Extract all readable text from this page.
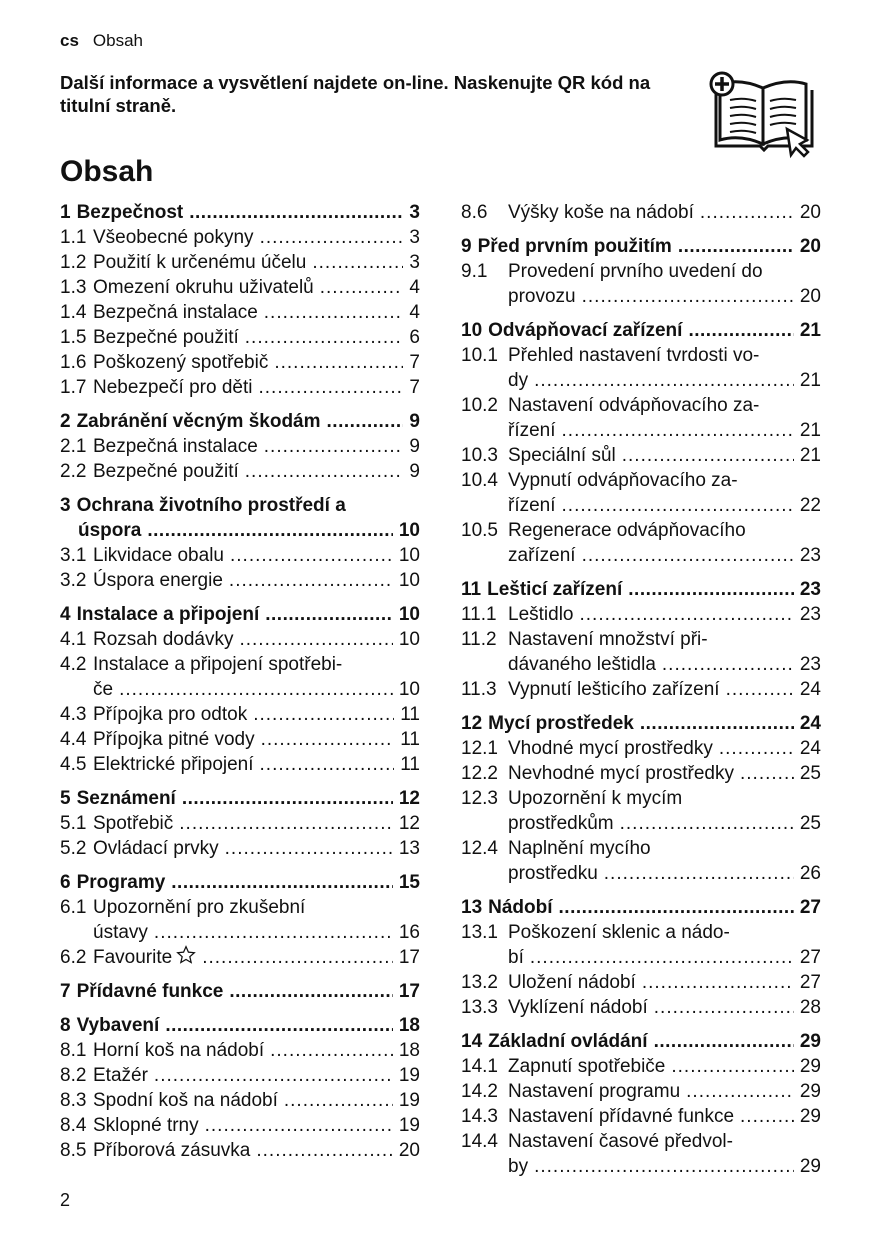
cs Obsah
Další informace a vysvětlení najdete on-line. Naskenujte QR kód na titulní straně.
Obsah
1 Bezpečnost .....	3
1.1 Všeobecné pokyny .....	3
1.2 Použití k určenému účelu .....	3
1.3 Omezení okruhu uživatelů .....	4
1.4 Bezpečná instalace .....	4
1.5 Bezpečné použití .....	6
1.6 Poškozený spotřebič .....	7
1.7 Nebezpečí pro děti .....	7
2 Zabránění věcným škodám .....	9
2.1 Bezpečná instalace .....	9
2.2 Bezpečné použití .....	9
3 Ochrana životního prostředí a
úspora .....	10
3.1 Likvidace obalu .....	10
3.2 Úspora energie .....	10
4 Instalace a připojení .....	10
4.1 Rozsah dodávky .....	10
4.2 Instalace a připojení spotřebi-
če .....	10
4.3 Přípojka pro odtok .....	11
4.4 Přípojka pitné vody .....	11
4.5 Elektrické připojení .....	11
5 Seznámení .....	12
5.1 Spotřebič .....	12
5.2 Ovládací prvky .....	13
6 Programy .....	15
6.1 Upozornění pro zkušební
ústavy .....	16
6.2 Favourite .....	17
7 Přídavné funkce .....	17
8 Vybavení .....	18
8.1 Horní koš na nádobí .....	18
8.2 Etažér .....	19
8.3 Spodní koš na nádobí .....	19
8.4 Sklopné trny .....	19
8.5 Příborová zásuvka .....	20
8.6	Výšky koše na nádobí .....	20
9 Před prvním použitím .....	20
9.1	Provedení prvního uvedení do
provozu .....	20
10 Odvápňovací zařízení .....	21
10.1 Přehled nastavení tvrdosti vo-
dy .....	21
10.2 Nastavení odvápňovacího za-
řízení .....	21
10.3 Speciální sůl .....	21
10.4 Vypnutí odvápňovacího za-
řízení .....	22
10.5 Regenerace odvápňovacího
zařízení .....	23
11 Lešticí zařízení .....	23
11.1 Leštidlo .....	23
11.2 Nastavení množství při-
dávaného leštidla .....	23
11.3 Vypnutí lešticího zařízení .....	24
12 Mycí prostředek .....	24
12.1 Vhodné mycí prostředky .....	24
12.2 Nevhodné mycí prostředky .....	25
12.3 Upozornění k mycím
prostředkům .....	25
12.4 Naplnění mycího
prostředku .....	26
13 Nádobí .....	27
13.1 Poškození sklenic a nádo-
bí .....	27
13.2 Uložení nádobí .....	27
13.3 Vyklízení nádobí .....	28
14 Základní ovládání .....	29
14.1 Zapnutí spotřebiče .....	29
14.2 Nastavení programu .....	29
14.3 Nastavení přídavné funkce .....	29
14.4 Nastavení časové předvol-
by .....	29
2
